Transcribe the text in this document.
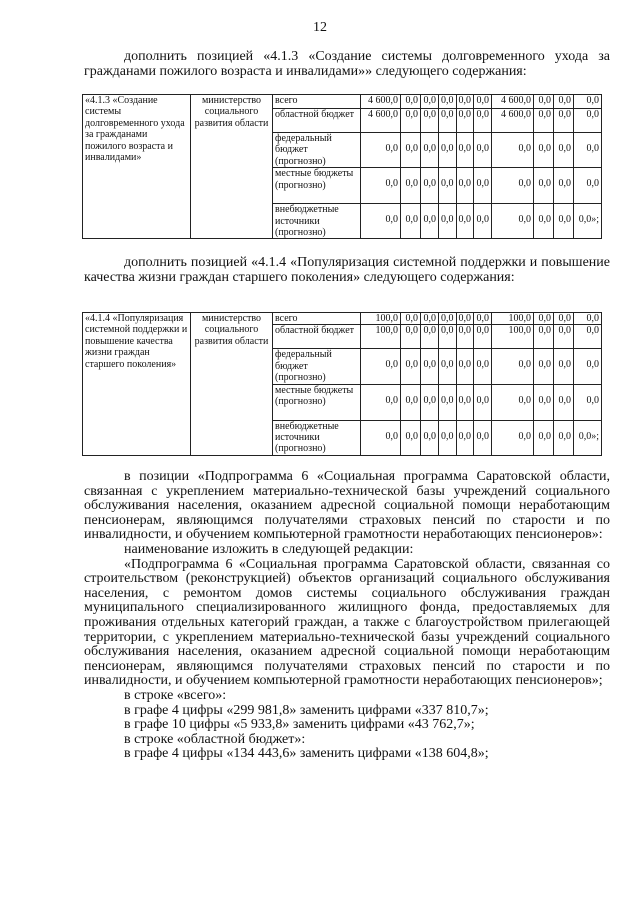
12

дополнить позицией «4.1.3 «Создание системы долговременного ухода за гражданами пожилого возраста и инвалидами»» следующего содержания:

«4.1.3 «Создание системы долговременного ухода за гражданами пожилого возраста и инвалидами»	министерство социального развития области	всего	4 600,0	0,0	0,0	0,0	0,0	0,0	4 600,0	0,0	0,0	0,0
		областной бюджет	4 600,0	0,0	0,0	0,0	0,0	0,0	4 600,0	0,0	0,0	0,0
		федеральный бюджет (прогнозно)	0,0	0,0	0,0	0,0	0,0	0,0	0,0	0,0	0,0	0,0
		местные бюджеты (прогнозно)	0,0	0,0	0,0	0,0	0,0	0,0	0,0	0,0	0,0	0,0
		внебюджетные источники (прогнозно)	0,0	0,0	0,0	0,0	0,0	0,0	0,0	0,0	0,0	0,0»;

дополнить позицией «4.1.4 «Популяризация системной поддержки и повышение качества жизни граждан старшего поколения» следующего содержания:

«4.1.4 «Популяризация системной поддержки и повышение качества жизни граждан старшего поколения»	министерство социального развития области	всего	100,0	0,0	0,0	0,0	0,0	0,0	100,0	0,0	0,0	0,0
		областной бюджет	100,0	0,0	0,0	0,0	0,0	0,0	100,0	0,0	0,0	0,0
		федеральный бюджет (прогнозно)	0,0	0,0	0,0	0,0	0,0	0,0	0,0	0,0	0,0	0,0
		местные бюджеты (прогнозно)	0,0	0,0	0,0	0,0	0,0	0,0	0,0	0,0	0,0	0,0
		внебюджетные источники (прогнозно)	0,0	0,0	0,0	0,0	0,0	0,0	0,0	0,0	0,0	0,0»;

в позиции «Подпрограмма 6 «Социальная программа Саратовской области, связанная с укреплением материально-технической базы учреждений социального обслуживания населения, оказанием адресной социальной помощи неработающим пенсионерам, являющимся получателями страховых пенсий по старости и по инвалидности, и обучением компьютерной грамотности неработающих пенсионеров»:

наименование изложить в следующей редакции:

«Подпрограмма 6 «Социальная программа Саратовской области, связанная со строительством (реконструкцией) объектов организаций социального обслуживания населения, с ремонтом домов системы социального обслуживания граждан муниципального специализированного жилищного фонда, предоставляемых для проживания отдельных категорий граждан, а также с благоустройством прилегающей территории, с укреплением материально-технической базы учреждений социального обслуживания населения, оказанием адресной социальной помощи неработающим пенсионерам, являющимся получателями страховых пенсий по старости и по инвалидности, и обучением компьютерной грамотности неработающих пенсионеров»;

в строке «всего»:

в графе 4 цифры «299 981,8» заменить цифрами «337 810,7»;

в графе 10 цифры «5 933,8» заменить цифрами «43 762,7»;

в строке «областной бюджет»:

в графе 4 цифры «134 443,6» заменить цифрами «138 604,8»;
